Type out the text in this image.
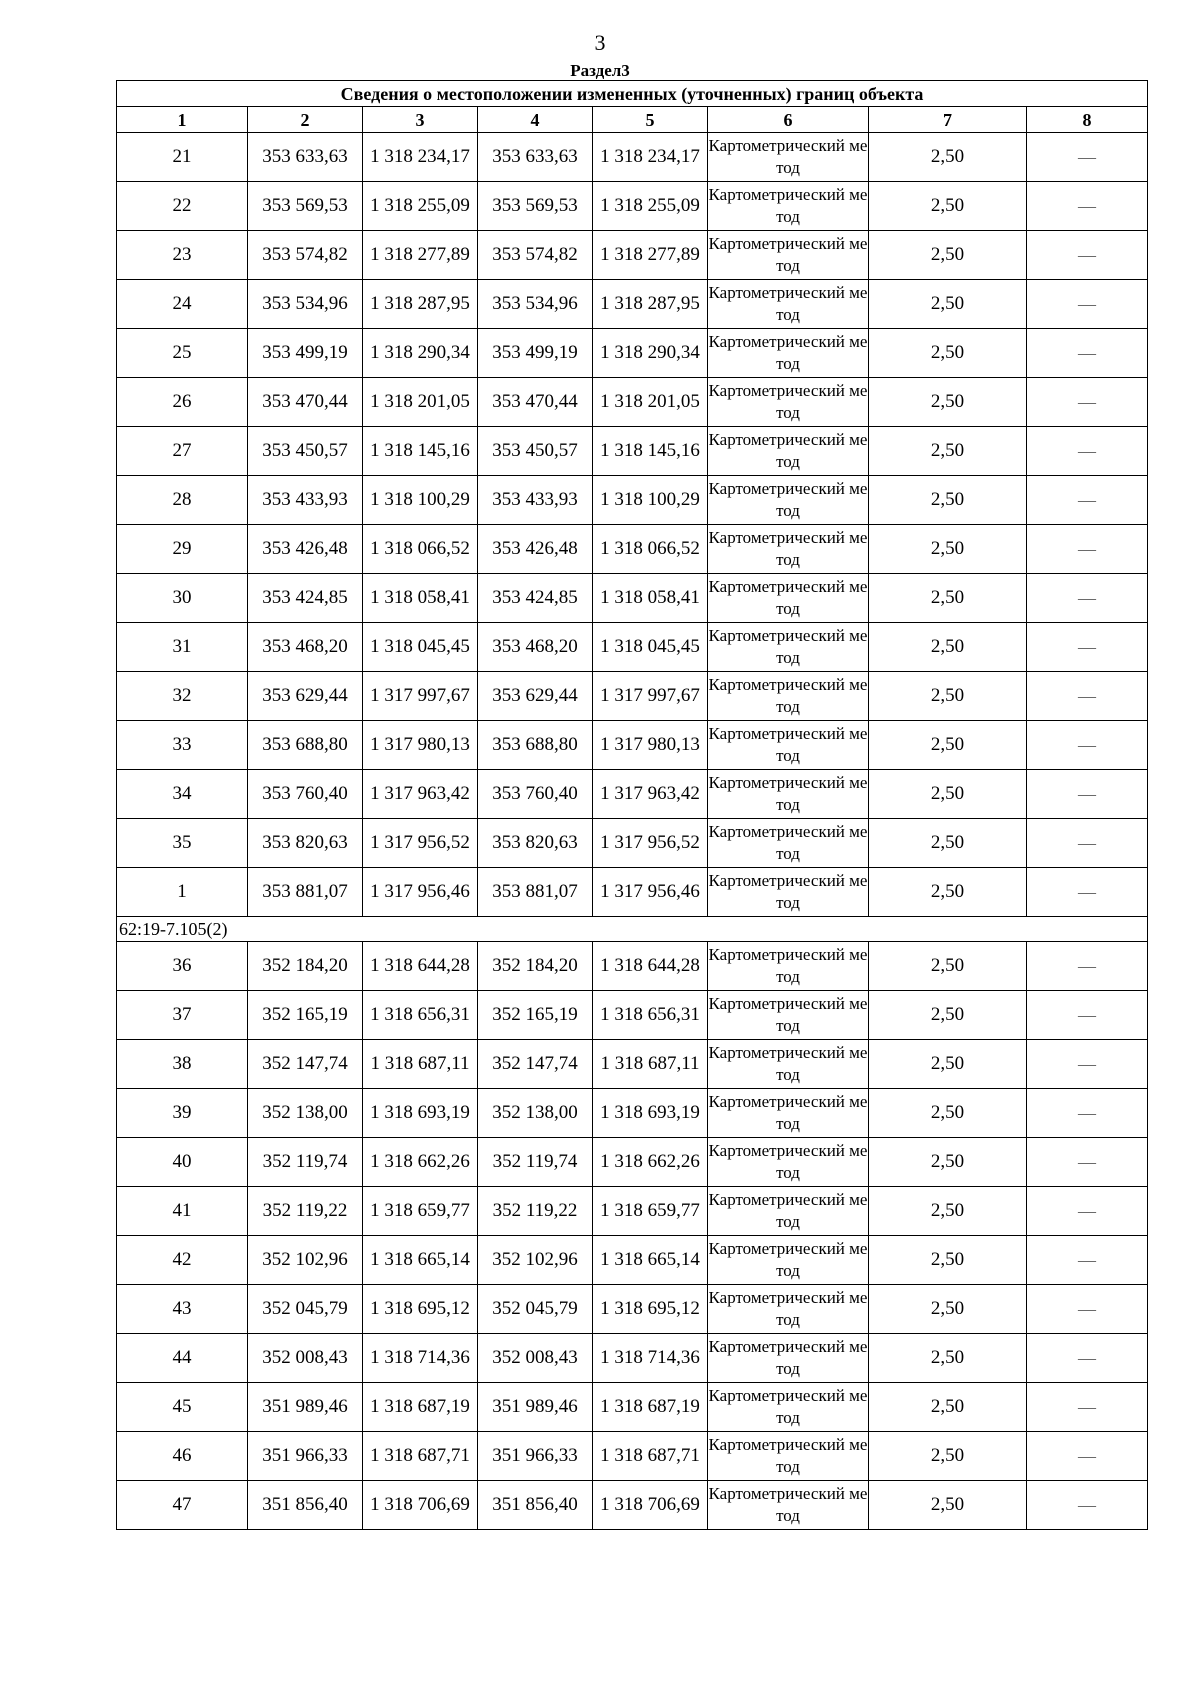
3
Раздел3
Сведения о местоположении измененных (уточненных) границ объекта							
1	2	3	4	5	6	7	8
21	353 633,63	1 318 234,17	353 633,63	1 318 234,17	Картометрический метод	2,50	—
22	353 569,53	1 318 255,09	353 569,53	1 318 255,09	Картометрический метод	2,50	—
23	353 574,82	1 318 277,89	353 574,82	1 318 277,89	Картометрический метод	2,50	—
24	353 534,96	1 318 287,95	353 534,96	1 318 287,95	Картометрический метод	2,50	—
25	353 499,19	1 318 290,34	353 499,19	1 318 290,34	Картометрический метод	2,50	—
26	353 470,44	1 318 201,05	353 470,44	1 318 201,05	Картометрический метод	2,50	—
27	353 450,57	1 318 145,16	353 450,57	1 318 145,16	Картометрический метод	2,50	—
28	353 433,93	1 318 100,29	353 433,93	1 318 100,29	Картометрический метод	2,50	—
29	353 426,48	1 318 066,52	353 426,48	1 318 066,52	Картометрический метод	2,50	—
30	353 424,85	1 318 058,41	353 424,85	1 318 058,41	Картометрический метод	2,50	—
31	353 468,20	1 318 045,45	353 468,20	1 318 045,45	Картометрический метод	2,50	—
32	353 629,44	1 317 997,67	353 629,44	1 317 997,67	Картометрический метод	2,50	—
33	353 688,80	1 317 980,13	353 688,80	1 317 980,13	Картометрический метод	2,50	—
34	353 760,40	1 317 963,42	353 760,40	1 317 963,42	Картометрический метод	2,50	—
35	353 820,63	1 317 956,52	353 820,63	1 317 956,52	Картометрический метод	2,50	—
1	353 881,07	1 317 956,46	353 881,07	1 317 956,46	Картометрический метод	2,50	—
62:19-7.105(2)							
36	352 184,20	1 318 644,28	352 184,20	1 318 644,28	Картометрический метод	2,50	—
37	352 165,19	1 318 656,31	352 165,19	1 318 656,31	Картометрический метод	2,50	—
38	352 147,74	1 318 687,11	352 147,74	1 318 687,11	Картометрический метод	2,50	—
39	352 138,00	1 318 693,19	352 138,00	1 318 693,19	Картометрический метод	2,50	—
40	352 119,74	1 318 662,26	352 119,74	1 318 662,26	Картометрический метод	2,50	—
41	352 119,22	1 318 659,77	352 119,22	1 318 659,77	Картометрический метод	2,50	—
42	352 102,96	1 318 665,14	352 102,96	1 318 665,14	Картометрический метод	2,50	—
43	352 045,79	1 318 695,12	352 045,79	1 318 695,12	Картометрический метод	2,50	—
44	352 008,43	1 318 714,36	352 008,43	1 318 714,36	Картометрический метод	2,50	—
45	351 989,46	1 318 687,19	351 989,46	1 318 687,19	Картометрический метод	2,50	—
46	351 966,33	1 318 687,71	351 966,33	1 318 687,71	Картометрический метод	2,50	—
47	351 856,40	1 318 706,69	351 856,40	1 318 706,69	Картометрический метод	2,50	—
